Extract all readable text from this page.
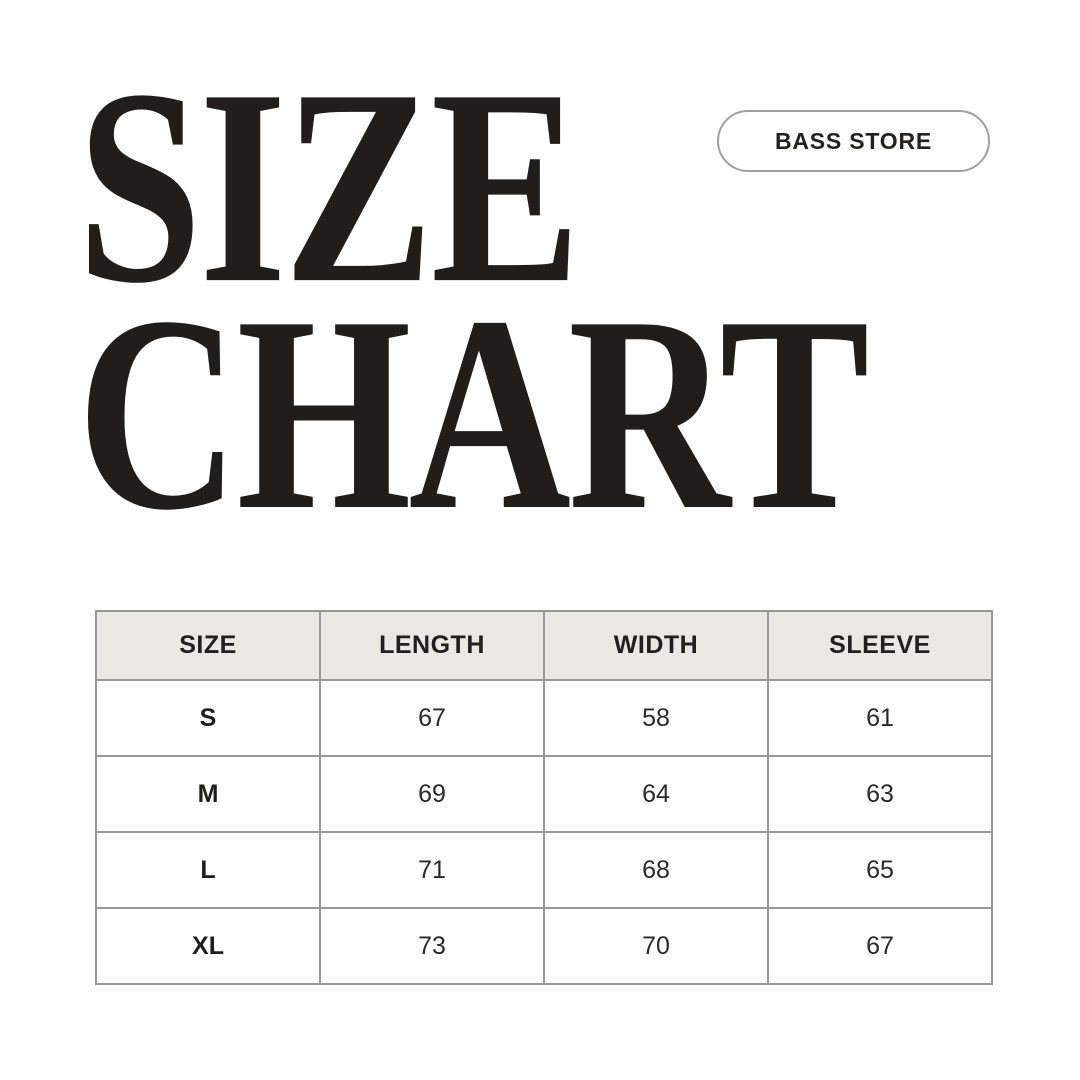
SIZE
CHART
BASS STORE
SIZE	LENGTH	WIDTH	SLEEVE
S	67	58	61
M	69	64	63
L	71	68	65
XL	73	70	67
